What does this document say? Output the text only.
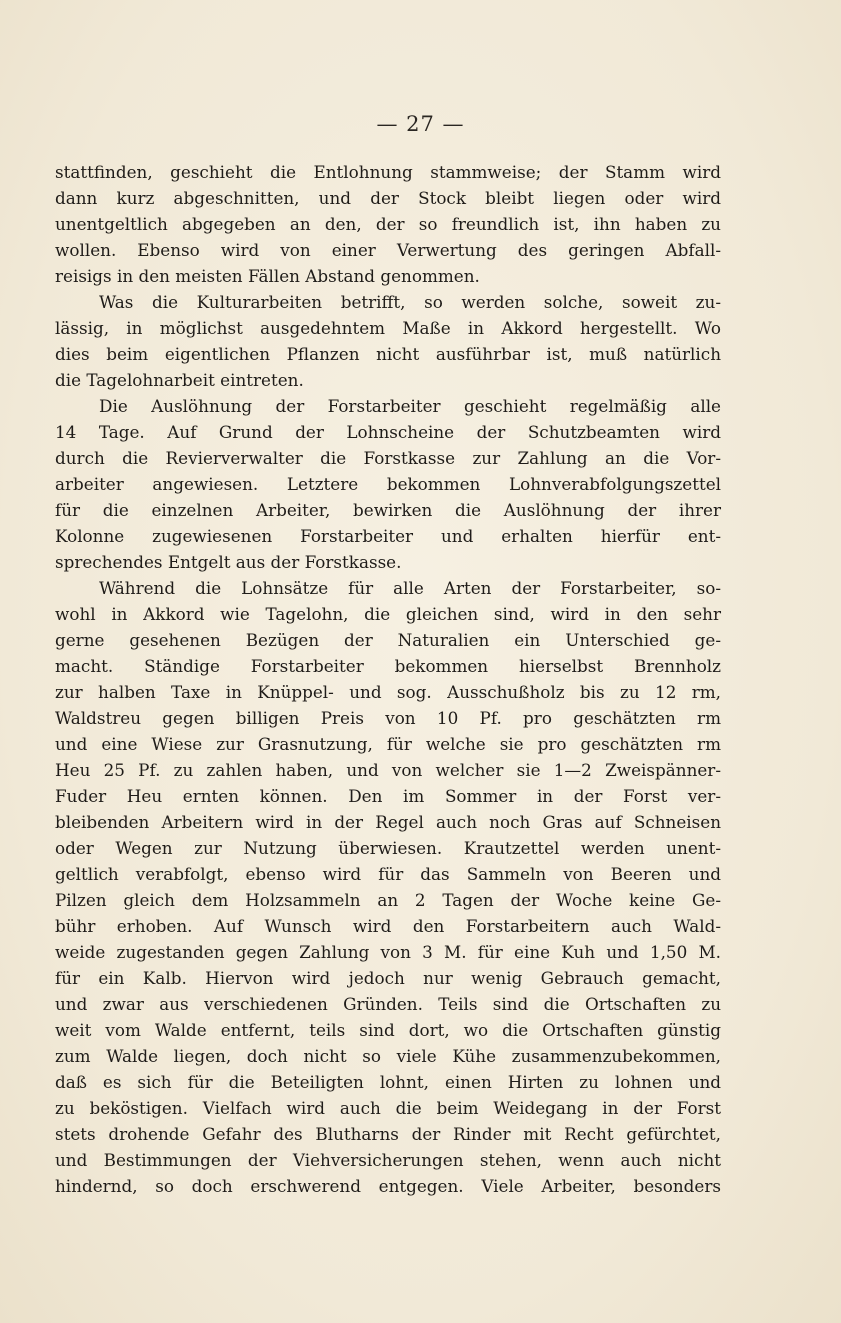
— 27 —
stattfinden, geschieht die Entlohnung stammweise; der Stamm wird
dann kurz abgeschnitten, und der Stock bleibt liegen oder wird
unentgeltlich abgegeben an den, der so freundlich ist, ihn haben zu
wollen. Ebenso wird von einer Verwertung des geringen Abfall-
reisigs in den meisten Fällen Abstand genommen.
Was die Kulturarbeiten betrifft, so werden solche, soweit zu-
lässig, in möglichst ausgedehntem Maße in Akkord hergestellt. Wo
dies beim eigentlichen Pflanzen nicht ausführbar ist, muß natürlich
die Tagelohnarbeit eintreten.
Die Auslöhnung der Forstarbeiter geschieht regelmäßig alle
14 Tage. Auf Grund der Lohnscheine der Schutzbeamten wird
durch die Revierverwalter die Forstkasse zur Zahlung an die Vor-
arbeiter angewiesen. Letztere bekommen Lohnverabfolgungszettel
für die einzelnen Arbeiter, bewirken die Auslöhnung der ihrer
Kolonne zugewiesenen Forstarbeiter und erhalten hierfür ent-
sprechendes Entgelt aus der Forstkasse.
Während die Lohnsätze für alle Arten der Forstarbeiter, so-
wohl in Akkord wie Tagelohn, die gleichen sind, wird in den sehr
gerne gesehenen Bezügen der Naturalien ein Unterschied ge-
macht. Ständige Forstarbeiter bekommen hierselbst Brennholz
zur halben Taxe in Knüppel- und sog. Ausschußholz bis zu 12 rm,
Waldstreu gegen billigen Preis von 10 Pf. pro geschätzten rm
und eine Wiese zur Grasnutzung, für welche sie pro geschätzten rm
Heu 25 Pf. zu zahlen haben, und von welcher sie 1—2 Zweispänner-
Fuder Heu ernten können. Den im Sommer in der Forst ver-
bleibenden Arbeitern wird in der Regel auch noch Gras auf Schneisen
oder Wegen zur Nutzung überwiesen. Krautzettel werden unent-
geltlich verabfolgt, ebenso wird für das Sammeln von Beeren und
Pilzen gleich dem Holzsammeln an 2 Tagen der Woche keine Ge-
bühr erhoben. Auf Wunsch wird den Forstarbeitern auch Wald-
weide zugestanden gegen Zahlung von 3 M. für eine Kuh und 1,50 M.
für ein Kalb. Hiervon wird jedoch nur wenig Gebrauch gemacht,
und zwar aus verschiedenen Gründen. Teils sind die Ortschaften zu
weit vom Walde entfernt, teils sind dort, wo die Ortschaften günstig
zum Walde liegen, doch nicht so viele Kühe zusammenzubekommen,
daß es sich für die Beteiligten lohnt, einen Hirten zu lohnen und
zu beköstigen. Vielfach wird auch die beim Weidegang in der Forst
stets drohende Gefahr des Blutharns der Rinder mit Recht gefürchtet,
und Bestimmungen der Viehversicherungen stehen, wenn auch nicht
hindernd, so doch erschwerend entgegen. Viele Arbeiter, besonders
